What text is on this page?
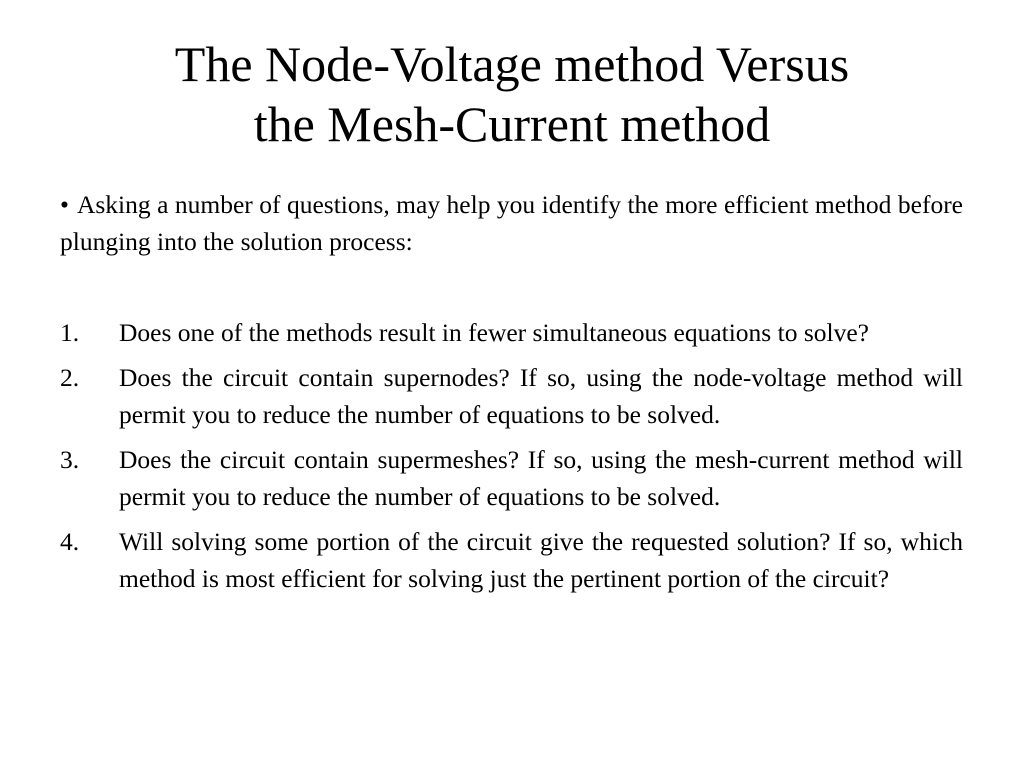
The Node-Voltage method Versus
the Mesh-Current method

• Asking a number of questions, may help you identify the more efficient method before plunging into the solution process:

1. Does one of the methods result in fewer simultaneous equations to solve?
2. Does the circuit contain supernodes? If so, using the node-voltage method will permit you to reduce the number of equations to be solved.
3. Does the circuit contain supermeshes? If so, using the mesh-current method will permit you to reduce the number of equations to be solved.
4. Will solving some portion of the circuit give the requested solution? If so, which method is most efficient for solving just the pertinent portion of the circuit?
